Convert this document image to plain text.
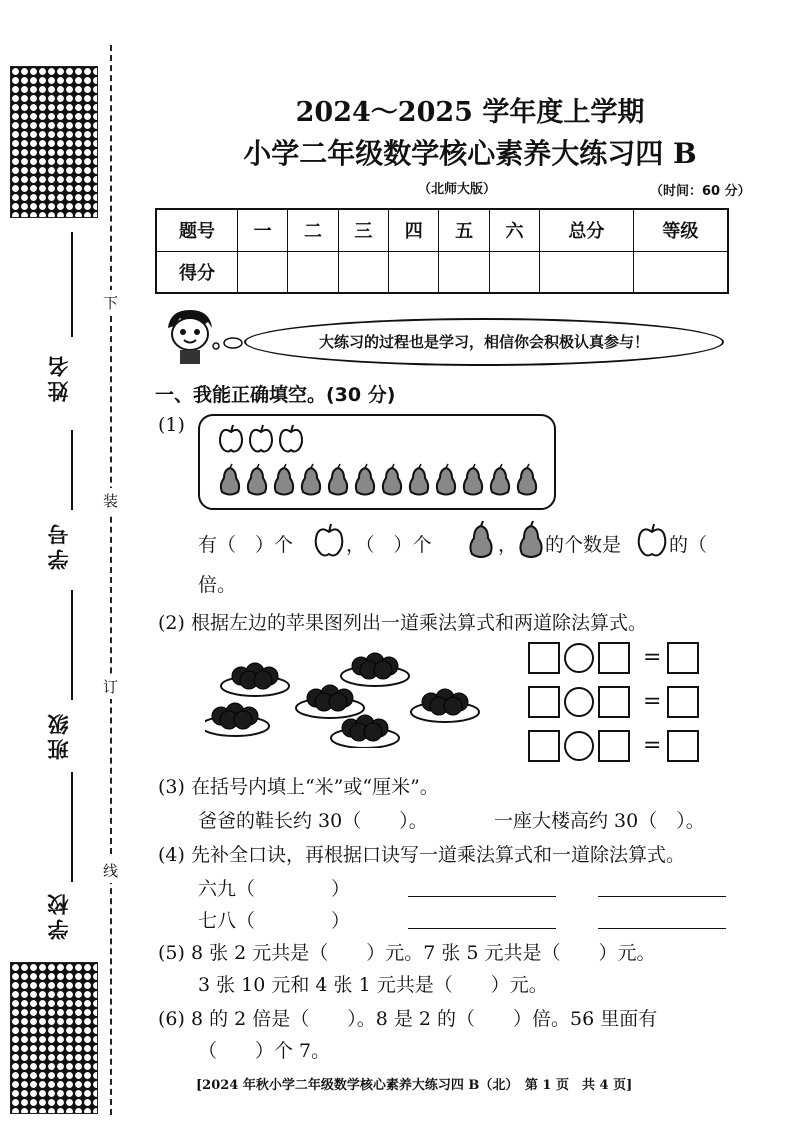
姓名
学号
班级
学校
下
装
订
线
2024～2025 学年度上学期
小学二年级数学核心素养大练习四 B
（北师大版）	（时间：60 分）
题号	一	二	三	四	五	六	总分	等级
得分								
大练习的过程也是学习，相信你会积极认真参与！
一、我能正确填空。(30 分)
(1)
有（　）个	，（　）个	， 的个数是	的（
倍。
(2) 根据左边的苹果图列出一道乘法算式和两道除法算式。
=
=
=
(3) 在括号内填上“米”或“厘米”。
爸爸的鞋长约 30（　　）。	一座大楼高约 30（　）。
(4) 先补全口诀，再根据口诀写一道乘法算式和一道除法算式。
六九（　　　　）
七八（　　　　）
(5) 8 张 2 元共是（　　）元。7 张 5 元共是（　　）元。
3 张 10 元和 4 张 1 元共是（　　）元。
(6) 8 的 2 倍是（　　）。8 是 2 的（　　）倍。56 里面有
（　　）个 7。
[2024 年秋小学二年级数学核心素养大练习四 B（北）　第 1 页　共 4 页]
